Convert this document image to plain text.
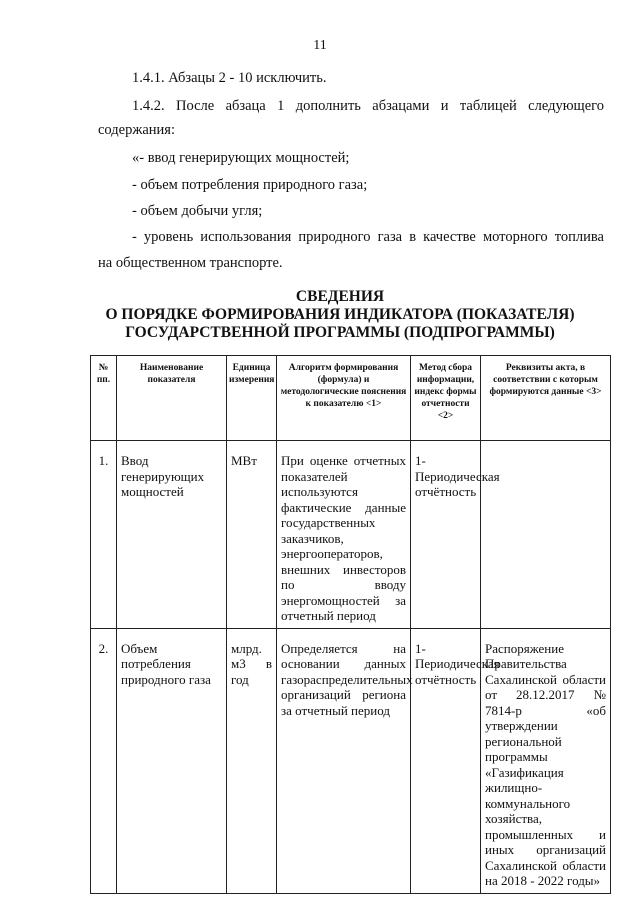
11
1.4.1. Абзацы 2 - 10 исключить.
1.4.2. После абзаца 1 дополнить абзацами и таблицей следующего
содержания:
«- ввод генерирующих мощностей;
- объем потребления природного газа;
- объем добычи угля;
- уровень использования природного газа в качестве моторного топлива
на общественном транспорте.
СВЕДЕНИЯ
О ПОРЯДКЕ ФОРМИРОВАНИЯ ИНДИКАТОРА (ПОКАЗАТЕЛЯ)
ГОСУДАРСТВЕННОЙ ПРОГРАММЫ (ПОДПРОГРАММЫ)
№ пп.	Наименование показателя	Единица измерения	Алгоритм формирования (формула) и методологические пояснения к показателю <1>	Метод сбора информации, индекс формы отчетности <2>	Реквизиты акта, в соответствии с которым формируются данные <3>
1.	Ввод генерирующих мощностей	МВт	При оценке отчетных показателей используются фактические данные государственных заказчиков, энергооператоров, внешних инвесторов по вводу энергомощностей за отчетный период	1- Периодическая отчётность	
2.	Объем потребления природного газа	млрд. м3 в год	Определяется на основании данных газораспределительных организаций региона за отчетный период	1- Периодическая отчётность	Распоряжение Правительства Сахалинской области от 28.12.2017 № 7814-р «об утверждении региональной программы «Газификация жилищно-коммунального хозяйства, промышленных и иных организаций Сахалинской области на 2018 - 2022 годы»
